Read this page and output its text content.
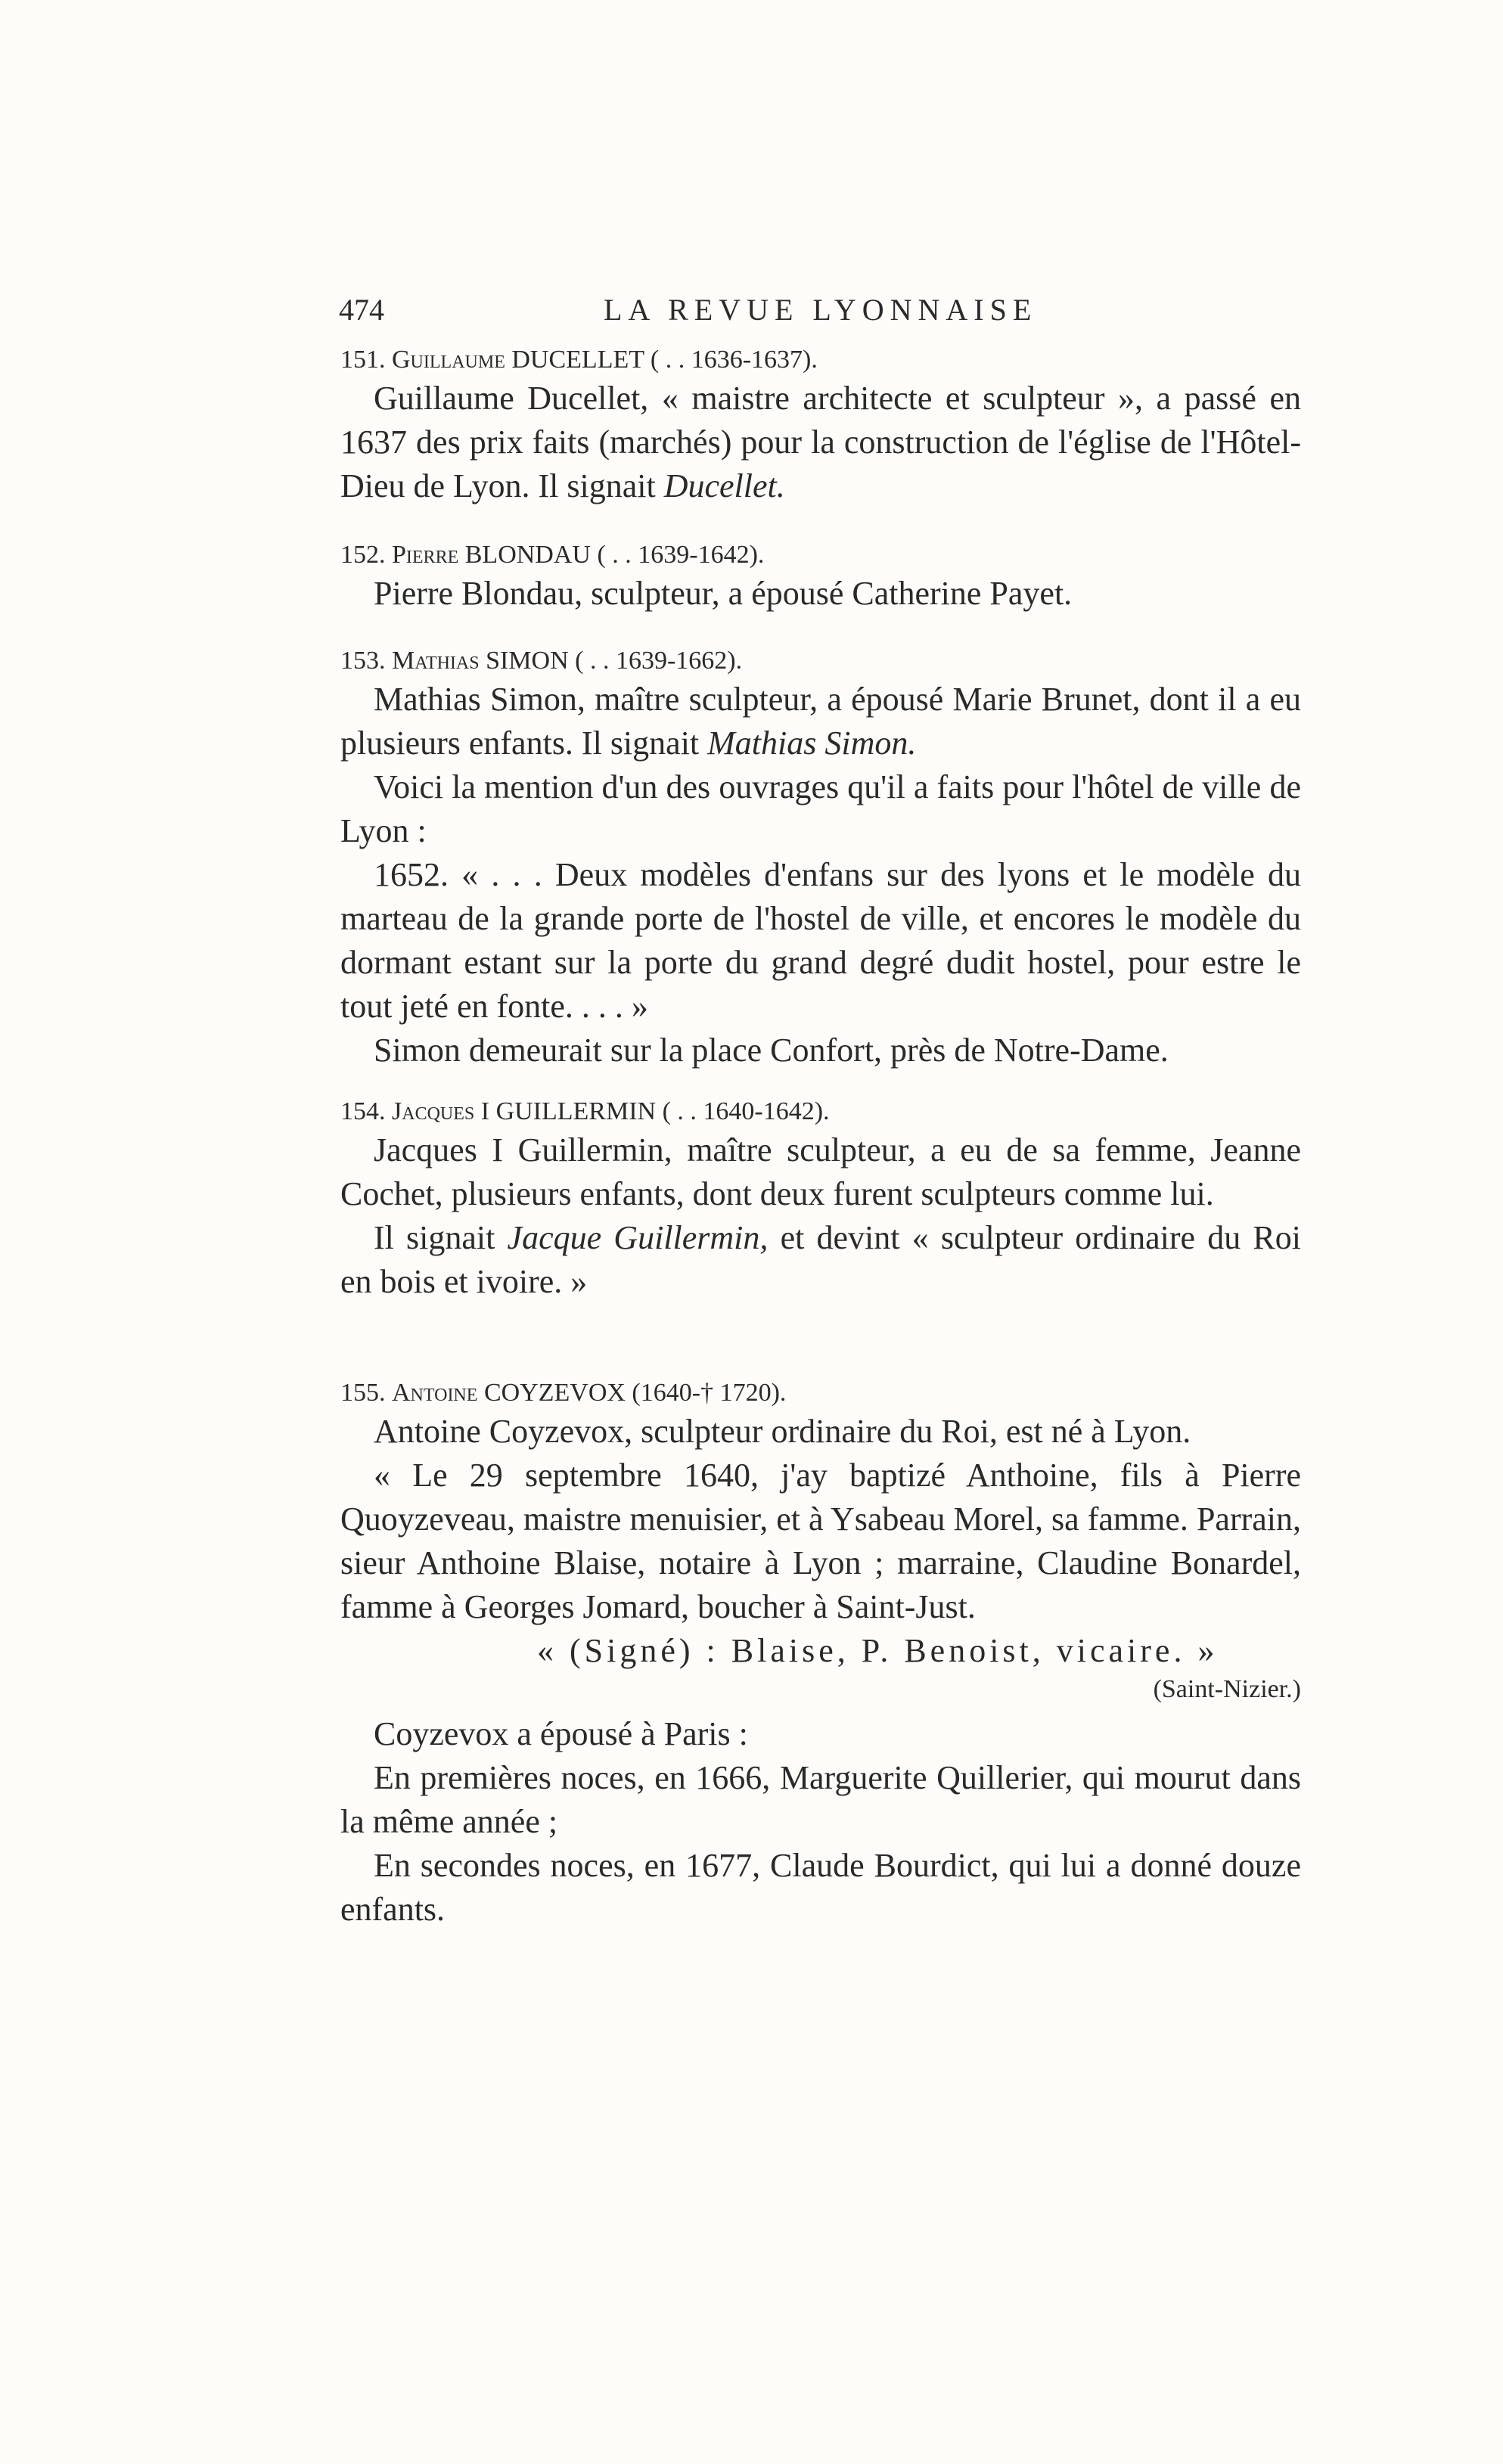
474	LA REVUE LYONNAISE
151. Guillaume DUCELLET ( . . 1636-1637).

Guillaume Ducellet, « maistre architecte et sculpteur », a passé en 1637 des prix faits (marchés) pour la construction de l'église de l'Hôtel-Dieu de Lyon. Il signait Ducellet.

152. Pierre BLONDAU ( . . 1639-1642).

Pierre Blondau, sculpteur, a épousé Catherine Payet.

153. Mathias SIMON ( . . 1639-1662).

Mathias Simon, maître sculpteur, a épousé Marie Brunet, dont il a eu plusieurs enfants. Il signait Mathias Simon.

Voici la mention d'un des ouvrages qu'il a faits pour l'hôtel de ville de Lyon :

1652. « . . . Deux modèles d'enfans sur des lyons et le modèle du marteau de la grande porte de l'hostel de ville, et encores le modèle du dormant estant sur la porte du grand degré dudit hostel, pour estre le tout jeté en fonte. . . . »

Simon demeurait sur la place Confort, près de Notre-Dame.

154. Jacques I GUILLERMIN ( . . 1640-1642).

Jacques I Guillermin, maître sculpteur, a eu de sa femme, Jeanne Cochet, plusieurs enfants, dont deux furent sculpteurs comme lui.

Il signait Jacque Guillermin, et devint « sculpteur ordinaire du Roi en bois et ivoire. »

155. Antoine COYZEVOX (1640-† 1720).

Antoine Coyzevox, sculpteur ordinaire du Roi, est né à Lyon.

« Le 29 septembre 1640, j'ay baptizé Anthoine, fils à Pierre Quoyzeveau, maistre menuisier, et à Ysabeau Morel, sa famme. Parrain, sieur Anthoine Blaise, notaire à Lyon ; marraine, Claudine Bonardel, famme à Georges Jomard, boucher à Saint-Just.

« (Signé) : Blaise, P. Benoist, vicaire. »

(Saint-Nizier.)

Coyzevox a épousé à Paris :

En premières noces, en 1666, Marguerite Quillerier, qui mourut dans la même année ;

En secondes noces, en 1677, Claude Bourdict, qui lui a donné douze enfants.
